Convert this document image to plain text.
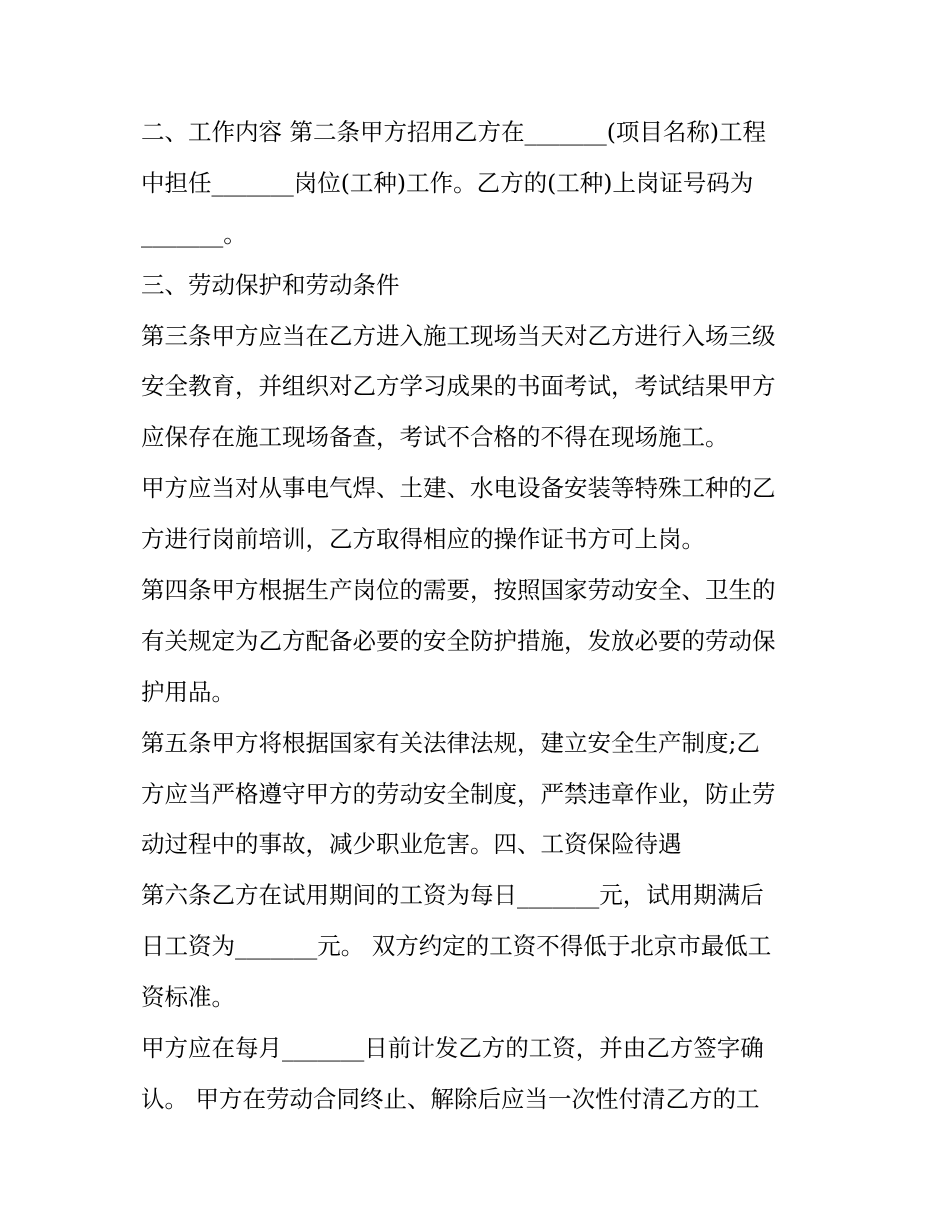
二、工作内容 第二条甲方招用乙方在_______(项目名称)工程
中担任_______岗位(工种)工作。乙方的(工种)上岗证号码为
_______。
三、劳动保护和劳动条件
第三条甲方应当在乙方进入施工现场当天对乙方进行入场三级
安全教育，并组织对乙方学习成果的书面考试，考试结果甲方
应保存在施工现场备查，考试不合格的不得在现场施工。
甲方应当对从事电气焊、土建、水电设备安装等特殊工种的乙
方进行岗前培训，乙方取得相应的操作证书方可上岗。
第四条甲方根据生产岗位的需要，按照国家劳动安全、卫生的
有关规定为乙方配备必要的安全防护措施，发放必要的劳动保
护用品。
第五条甲方将根据国家有关法律法规，建立安全生产制度;乙
方应当严格遵守甲方的劳动安全制度，严禁违章作业，防止劳
动过程中的事故，减少职业危害。四、工资保险待遇
第六条乙方在试用期间的工资为每日_______元，试用期满后
日工资为_______元。 双方约定的工资不得低于北京市最低工
资标准。
甲方应在每月_______日前计发乙方的工资，并由乙方签字确
认。 甲方在劳动合同终止、解除后应当一次性付清乙方的工
